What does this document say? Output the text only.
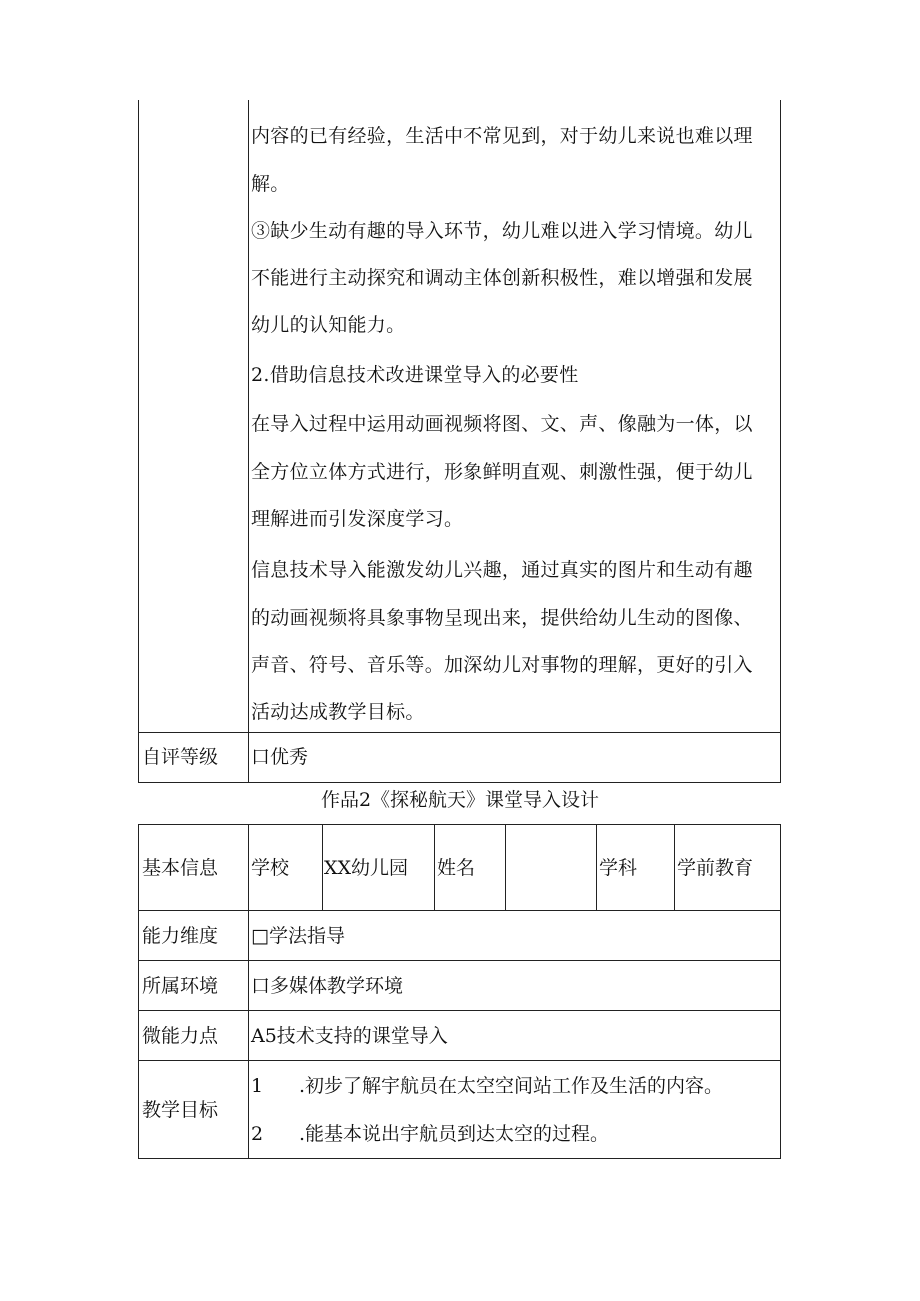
内容的已有经验，生活中不常见到，对于幼儿来说也难以理
解。
③缺少生动有趣的导入环节，幼儿难以进入学习情境。幼儿
不能进行主动探究和调动主体创新积极性，难以增强和发展
幼儿的认知能力。
2.借助信息技术改进课堂导入的必要性
在导入过程中运用动画视频将图、文、声、像融为一体，以
全方位立体方式进行，形象鲜明直观、刺激性强，便于幼儿
理解进而引发深度学习。
信息技术导入能激发幼儿兴趣，通过真实的图片和生动有趣
的动画视频将具象事物呈现出来，提供给幼儿生动的图像、
声音、符号、音乐等。加深幼儿对事物的理解，更好的引入
活动达成教学目标。
自评等级 口优秀
作品2《探秘航天》课堂导入设计
基本信息 学校 XX幼儿园 姓名	学科 学前教育
能力维度 □学法指导
所属环境 口多媒体教学环境
微能力点 A5技术支持的课堂导入
教学目标
1 .初步了解宇航员在太空空间站工作及生活的内容。
2 .能基本说出宇航员到达太空的过程。
